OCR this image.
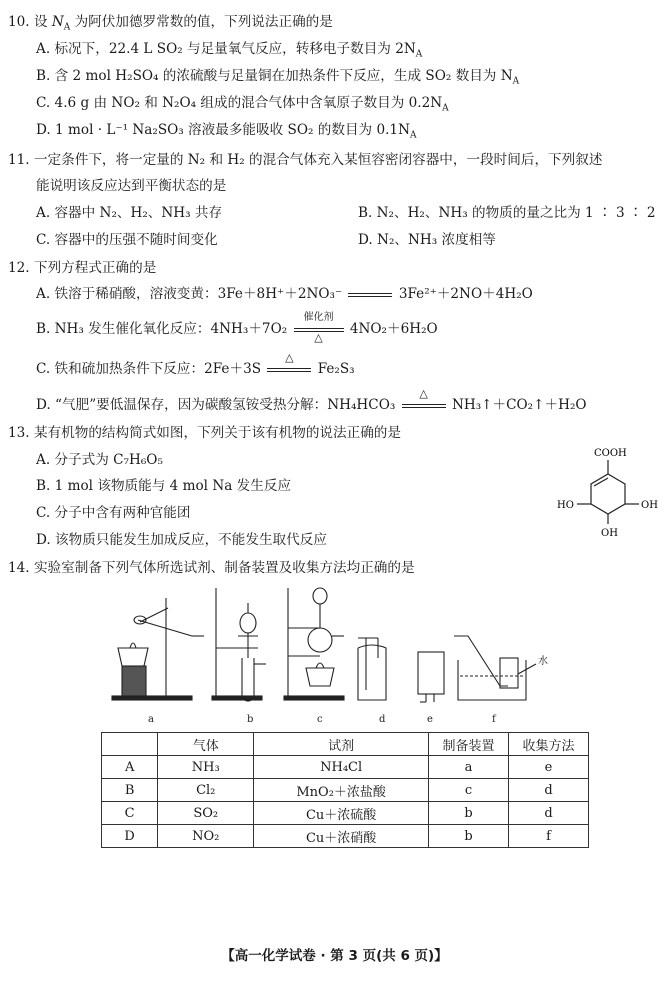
10. 设 $N_A$ 为阿伏加德罗常数的值，下列说法正确的是
A. 标况下，22.4 L SO₂ 与足量氧气反应，转移电子数目为 $2N_A$
B. 含 2 mol H₂SO₄ 的浓硫酸与足量铜在加热条件下反应，生成 SO₂ 数目为 $N_A$
C. 4.6 g 由 NO₂ 和 N₂O₄ 组成的混合气体中含氧原子数目为 $0.2N_A$
D. 1 mol · L⁻¹ Na₂SO₃ 溶液最多能吸收 SO₂ 的数目为 $0.1N_A$
11. 一定条件下，将一定量的 N₂ 和 H₂ 的混合气体充入某恒容密闭容器中，一段时间后，下列叙述
能说明该反应达到平衡状态的是
A. 容器中 N₂、H₂、NH₃ 共存	B. N₂、H₂、NH₃ 的物质的量之比为 1 ∶ 3 ∶ 2
C. 容器中的压强不随时间变化	D. N₂、NH₃ 浓度相等
12. 下列方程式正确的是
A. 铁溶于稀硝酸，溶液变黄：3Fe＋8H⁺＋2NO₃⁻	3Fe²⁺＋2NO＋4H₂O
B. NH₃ 发生催化氧化反应：4NH₃＋7O₂
催化剂
△	4NO₂＋6H₂O
C. 铁和硫加热条件下反应：2Fe＋3S
△
Fe₂S₃
D. “气肥”要低温保存，因为碳酸氢铵受热分解：NH₄HCO₃
△
NH₃↑＋CO₂↑＋H₂O
13. 某有机物的结构简式如图，下列关于该有机物的说法正确的是
A. 分子式为 C₇H₆O₅
B. 1 mol 该物质能与 4 mol Na 发生反应
C. 分子中含有两种官能团
D. 该物质只能发生加成反应，不能发生取代反应
COOH
HO	OH
OH
14. 实验室制备下列气体所选试剂、制备装置及收集方法均正确的是
a	b	c	d	e	f
水
	气体	试剂	制备装置	收集方法
A	NH₃	NH₄Cl	a	e
B	Cl₂	MnO₂＋浓盐酸	c	d
C	SO₂	Cu＋浓硫酸	b	d
D	NO₂	Cu＋浓硝酸	b	f
【高一化学试卷 · 第 3 页(共 6 页)】
